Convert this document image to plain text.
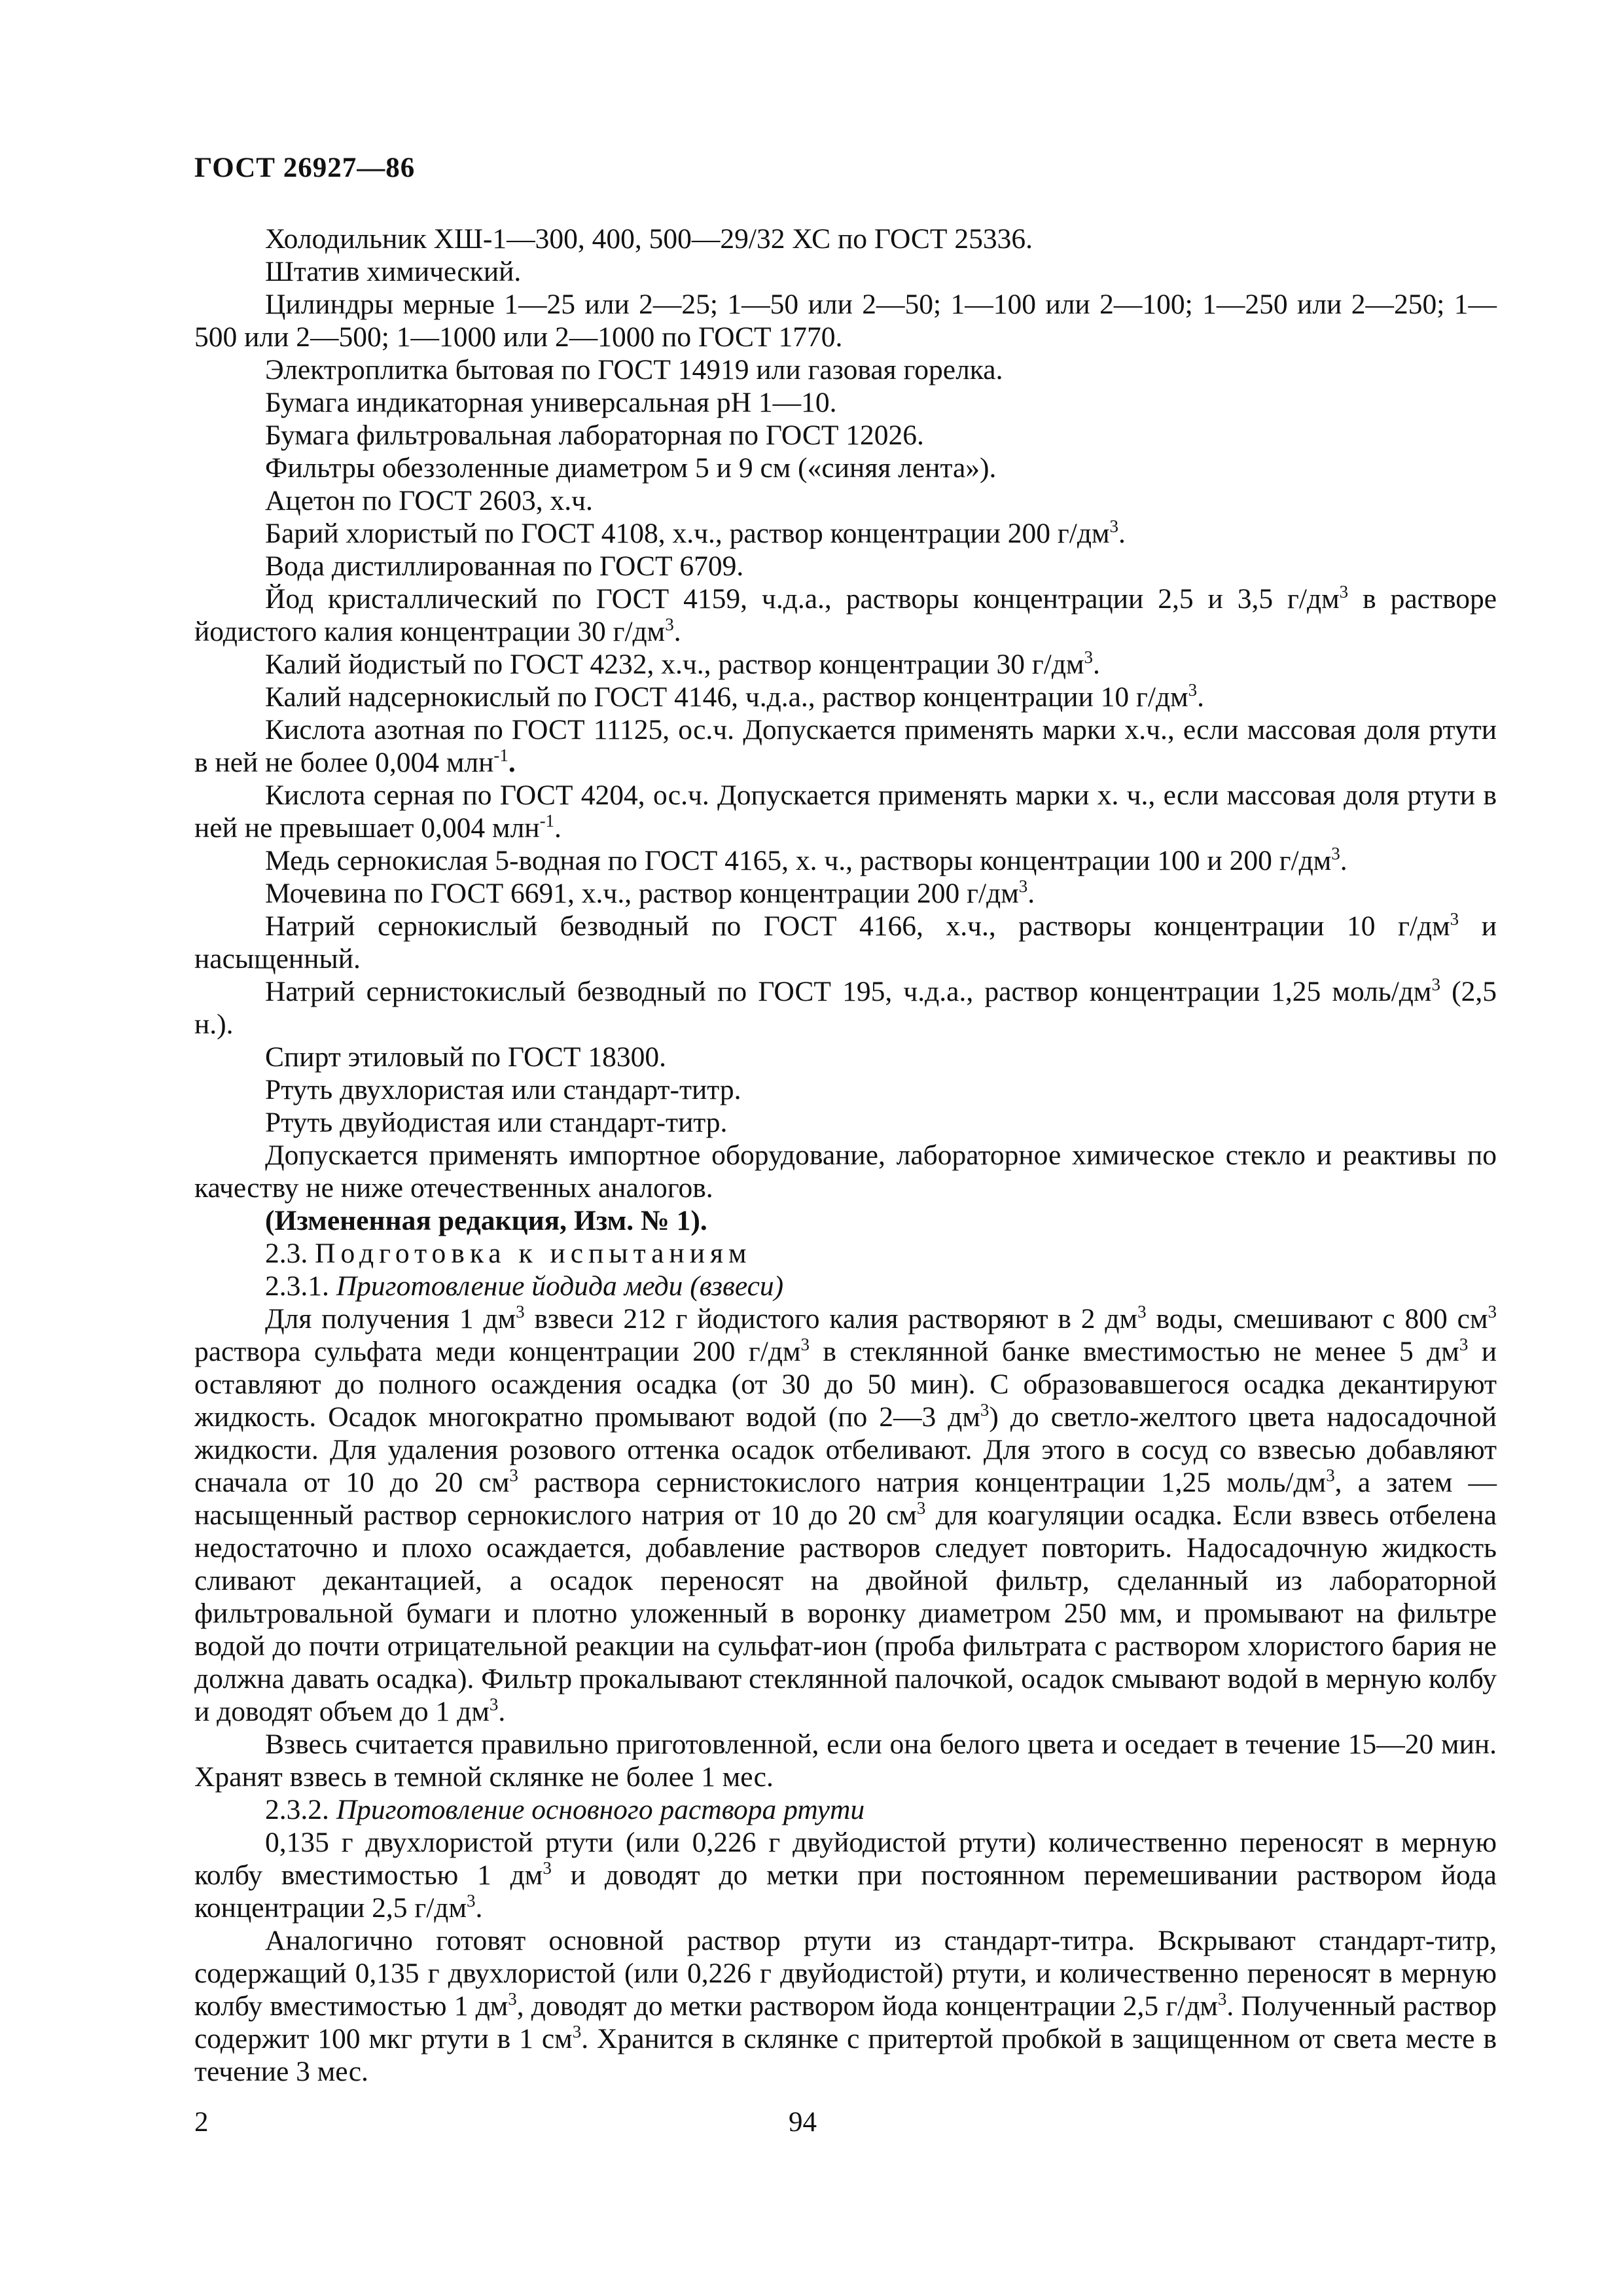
ГОСТ 26927—86

Холодильник ХШ-1—300, 400, 500—29/32 ХС по ГОСТ 25336.

Штатив химический.

Цилиндры мерные 1—25 или 2—25; 1—50 или 2—50; 1—100 или 2—100; 1—250 или 2—250; 1—500 или 2—500; 1—1000 или 2—1000 по ГОСТ 1770.

Электроплитка бытовая по ГОСТ 14919 или газовая горелка.

Бумага индикаторная универсальная рН 1—10.

Бумага фильтровальная лабораторная по ГОСТ 12026.

Фильтры обеззоленные диаметром 5 и 9 см («синяя лента»).

Ацетон по ГОСТ 2603, х.ч.

Барий хлористый по ГОСТ 4108, х.ч., раствор концентрации 200 $г/дм^3$.

Вода дистиллированная по ГОСТ 6709.

Йод кристаллический по ГОСТ 4159, ч.д.а., растворы концентрации 2,5 и 3,5 $г/дм^3$ в растворе йодистого калия концентрации 30 $г/дм^3$.

Калий йодистый по ГОСТ 4232, х.ч., раствор концентрации 30 $г/дм^3$.

Калий надсернокислый по ГОСТ 4146, ч.д.а., раствор концентрации 10 $г/дм^3$.

Кислота азотная по ГОСТ 11125, ос.ч. Допускается применять марки х.ч., если массовая доля ртути в ней не более 0,004 млн$^{-1}$.

Кислота серная по ГОСТ 4204, ос.ч. Допускается применять марки х. ч., если массовая доля ртути в ней не превышает 0,004 млн$^{-1}$.

Медь сернокислая 5-водная по ГОСТ 4165, х. ч., растворы концентрации 100 и 200 $г/дм^3$.

Мочевина по ГОСТ 6691, х.ч., раствор концентрации 200 $г/дм^3$.

Натрий сернокислый безводный по ГОСТ 4166, х.ч., растворы концентрации 10 $г/дм^3$ и насыщенный.

Натрий сернистокислый безводный по ГОСТ 195, ч.д.а., раствор концентрации 1,25 моль/$дм^3$ (2,5 н.).

Спирт этиловый по ГОСТ 18300.

Ртуть двухлористая или стандарт-титр.

Ртуть двуйодистая или стандарт-титр.

Допускается применять импортное оборудование, лабораторное химическое стекло и реактивы по качеству не ниже отечественных аналогов.

(Измененная редакция, Изм. № 1).

2.3. Подготовка к испытаниям

2.3.1. Приготовление йодида меди (взвеси)

Для получения 1 $дм^3$ взвеси 212 г йодистого калия растворяют в 2 $дм^3$ воды, смешивают с 800 $см^3$ раствора сульфата меди концентрации 200 $г/дм^3$ в стеклянной банке вместимостью не менее 5 $дм^3$ и оставляют до полного осаждения осадка (от 30 до 50 мин). С образовавшегося осадка декантируют жидкость. Осадок многократно промывают водой (по 2—3 $дм^3$) до светло-желтого цвета надосадочной жидкости. Для удаления розового оттенка осадок отбеливают. Для этого в сосуд со взвесью добавляют сначала от 10 до 20 $см^3$ раствора сернистокислого натрия концентрации 1,25 моль/$дм^3$, а затем — насыщенный раствор сернокислого натрия от 10 до 20 $см^3$ для коагуляции осадка. Если взвесь отбелена недостаточно и плохо осаждается, добавление растворов следует повторить. Надосадочную жидкость сливают декантацией, а осадок переносят на двойной фильтр, сделанный из лабораторной фильтровальной бумаги и плотно уложенный в воронку диаметром 250 мм, и промывают на фильтре водой до почти отрицательной реакции на сульфат-ион (проба фильтрата с раствором хлористого бария не должна давать осадка). Фильтр прокалывают стеклянной палочкой, осадок смывают водой в мерную колбу и доводят объем до 1 $дм^3$.

Взвесь считается правильно приготовленной, если она белого цвета и оседает в течение 15—20 мин. Хранят взвесь в темной склянке не более 1 мес.

2.3.2. Приготовление основного раствора ртути

0,135 г двухлористой ртути (или 0,226 г двуйодистой ртути) количественно переносят в мерную колбу вместимостью 1 $дм^3$ и доводят до метки при постоянном перемешивании раствором йода концентрации 2,5 $г/дм^3$.

Аналогично готовят основной раствор ртути из стандарт-титра. Вскрывают стандарт-титр, содержащий 0,135 г двухлористой (или 0,226 г двуйодистой) ртути, и количественно переносят в мерную колбу вместимостью 1 $дм^3$, доводят до метки раствором йода концентрации 2,5 $г/дм^3$. Полученный раствор содержит 100 мкг ртути в 1 $см^3$. Хранится в склянке с притертой пробкой в защищенном от света месте в течение 3 мес.

2	94
